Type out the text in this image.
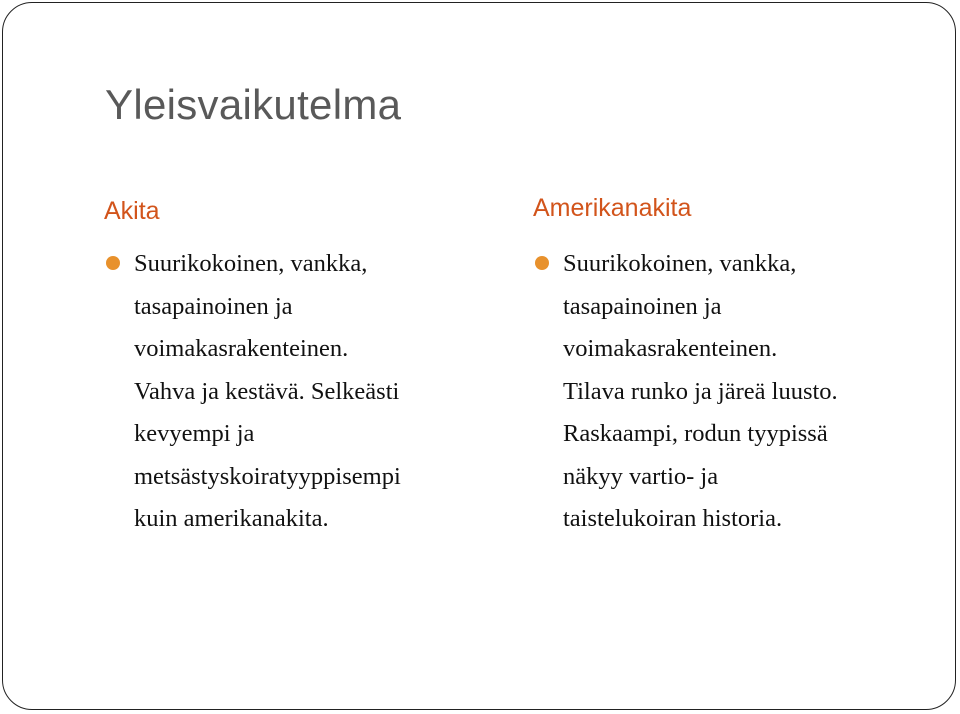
Yleisvaikutelma
Akita
Suurikokoinen, vankka,
tasapainoinen ja
voimakasrakenteinen.
Vahva ja kestävä. Selkeästi
kevyempi ja
metsästyskoiratyyppisempi
kuin amerikanakita.
Amerikanakita
Suurikokoinen, vankka,
tasapainoinen ja
voimakasrakenteinen.
Tilava runko ja järeä luusto.
Raskaampi, rodun tyypissä
näkyy vartio- ja
taistelukoiran historia.
